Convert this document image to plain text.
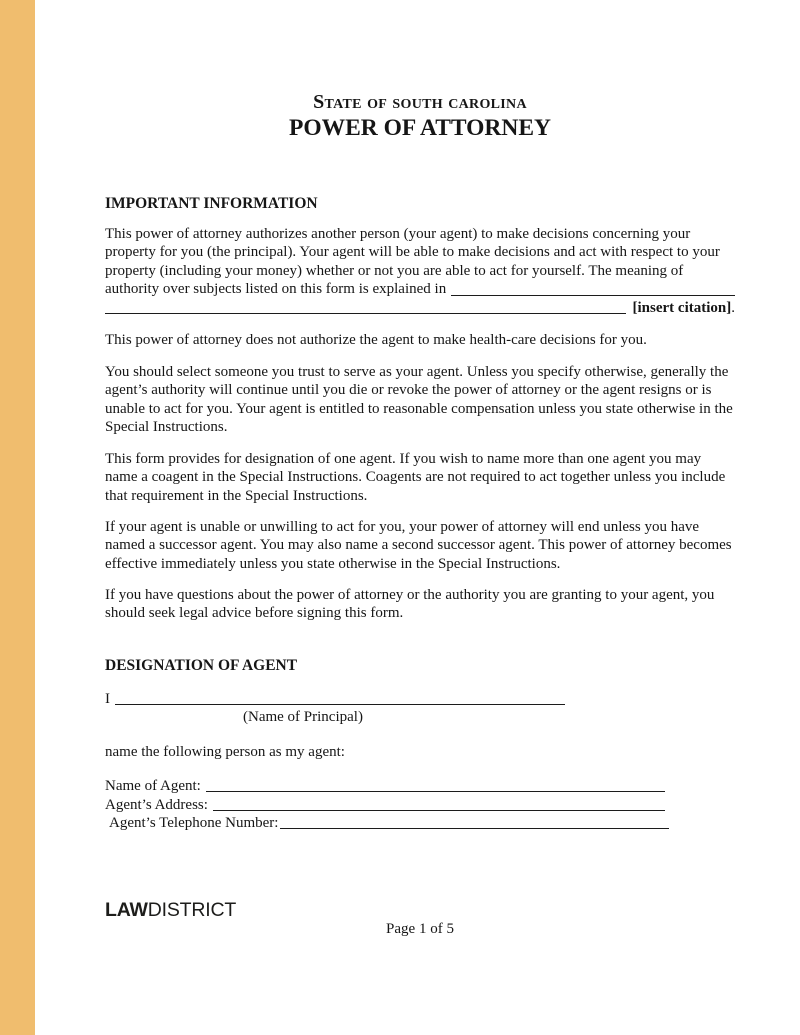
State of south carolina
POWER OF ATTORNEY
IMPORTANT INFORMATION
This power of attorney authorizes another person (your agent) to make decisions concerning your
property for you (the principal). Your agent will be able to make decisions and act with respect to your
property (including your money) whether or not you are able to act for yourself. The meaning of
authority over subjects listed on this form is explained in
[insert citation] .
This power of attorney does not authorize the agent to make health-care decisions for you.
You should select someone you trust to serve as your agent. Unless you specify otherwise, generally the agent’s authority will continue until you die or revoke the power of attorney or the agent resigns or is unable to act for you. Your agent is entitled to reasonable compensation unless you state otherwise in the Special Instructions.
This form provides for designation of one agent. If you wish to name more than one agent you may name a coagent in the Special Instructions. Coagents are not required to act together unless you include that requirement in the Special Instructions.
If your agent is unable or unwilling to act for you, your power of attorney will end unless you have named a successor agent. You may also name a second successor agent. This power of attorney becomes effective immediately unless you state otherwise in the Special Instructions.
If you have questions about the power of attorney or the authority you are granting to your agent, you should seek legal advice before signing this form.
DESIGNATION OF AGENT
I
(Name of Principal)
name the following person as my agent:
Name of Agent:
Agent’s Address:
Agent’s Telephone Number:
LAWDISTRICT
Page 1 of 5
